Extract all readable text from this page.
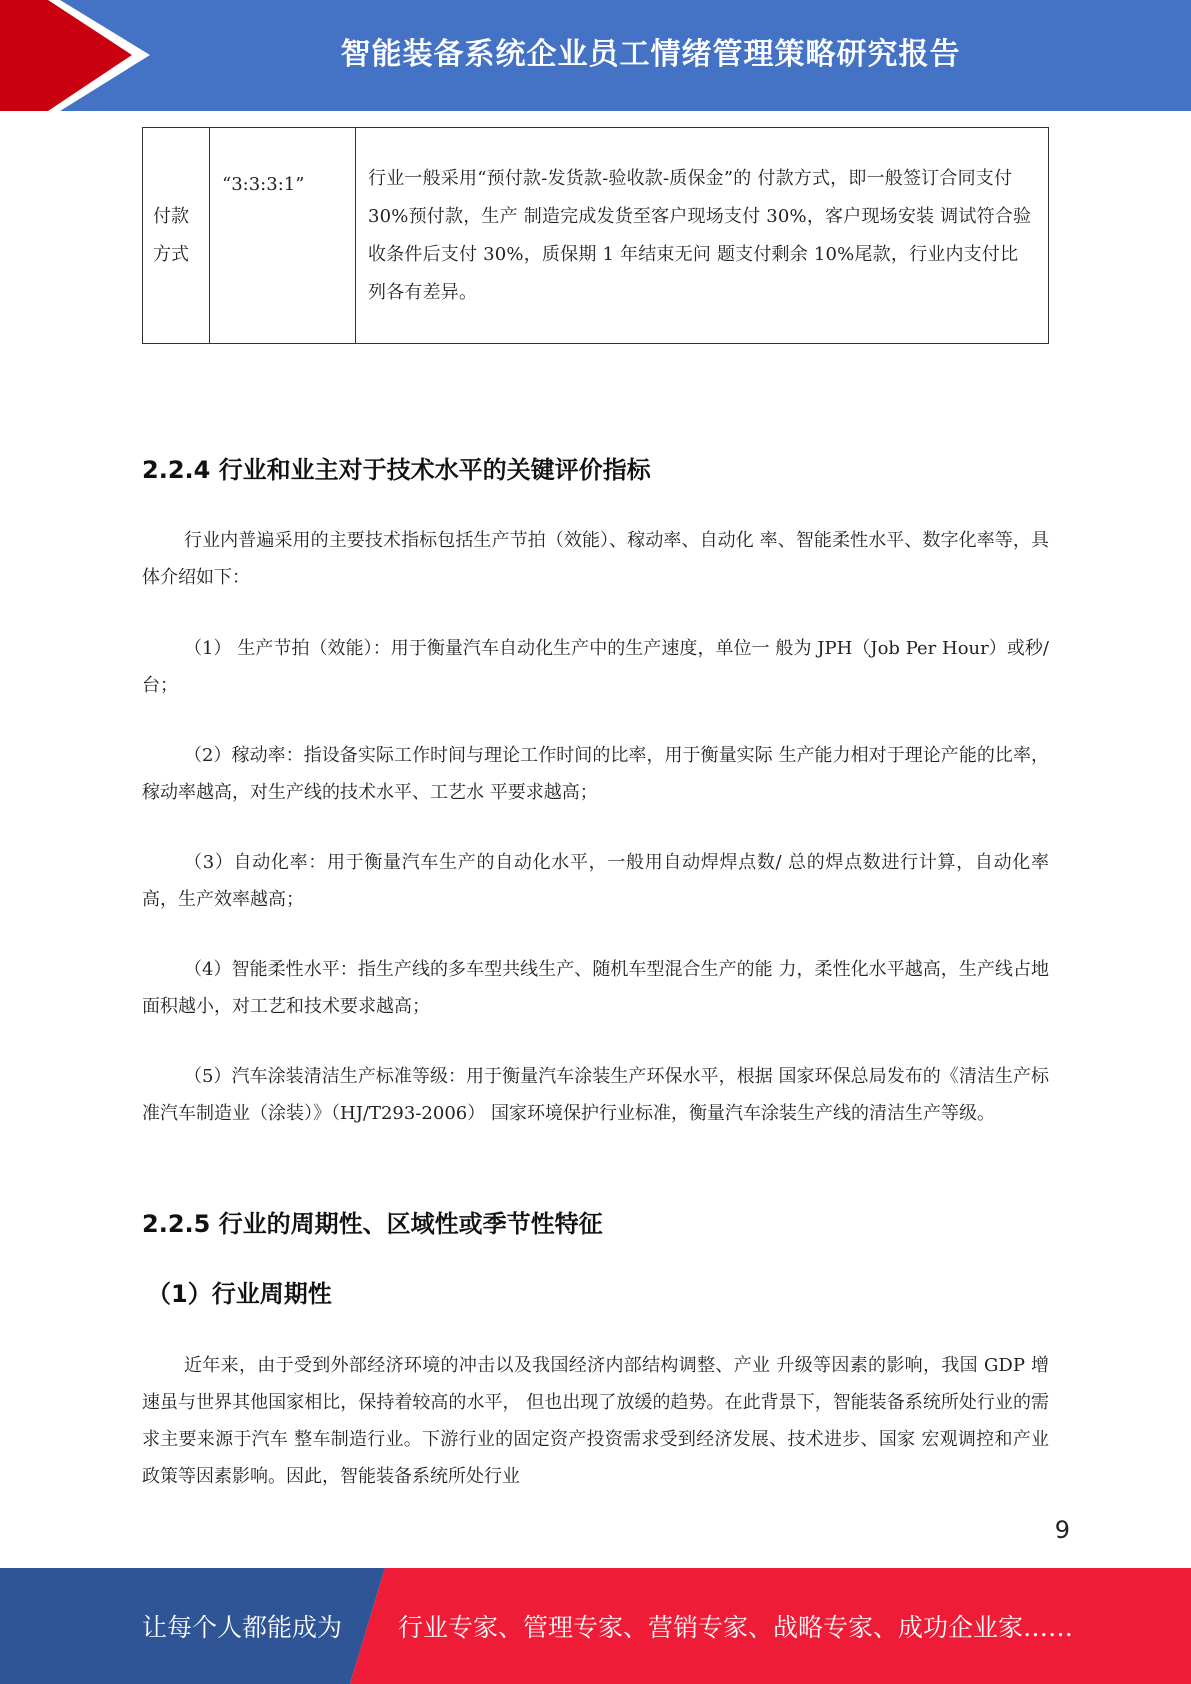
智能装备系统企业员工情绪管理策略研究报告
付款方式	“3:3:3:1”	行业一般采用“预付款-发货款-验收款-质保金”的 付款方式，即一般签订合同支付 30%预付款，生产 制造完成发货至客户现场支付 30%，客户现场安装 调试符合验收条件后支付 30%，质保期 1 年结束无问 题支付剩余 10%尾款，行业内支付比列各有差异。
2.2.4 行业和业主对于技术水平的关键评价指标

行业内普遍采用的主要技术指标包括生产节拍（效能）、稼动率、自动化 率、智能柔性水平、数字化率等，具体介绍如下：

（1） 生产节拍（效能）：用于衡量汽车自动化生产中的生产速度，单位一 般为 JPH（Job Per Hour）或秒/台；

（2）稼动率：指设备实际工作时间与理论工作时间的比率，用于衡量实际 生产能力相对于理论产能的比率，稼动率越高，对生产线的技术水平、工艺水 平要求越高；

（3）自动化率：用于衡量汽车生产的自动化水平，一般用自动焊焊点数/ 总的焊点数进行计算，自动化率高，生产效率越高；

（4）智能柔性水平：指生产线的多车型共线生产、随机车型混合生产的能 力，柔性化水平越高，生产线占地面积越小，对工艺和技术要求越高；

（5）汽车涂装清洁生产标准等级：用于衡量汽车涂装生产环保水平，根据 国家环保总局发布的《清洁生产标准汽车制造业（涂装）》（HJ/T293-2006） 国家环境保护行业标准，衡量汽车涂装生产线的清洁生产等级。

2.2.5 行业的周期性、区域性或季节性特征
（1）行业周期性

近年来，由于受到外部经济环境的冲击以及我国经济内部结构调整、产业 升级等因素的影响，我国 GDP 增速虽与世界其他国家相比，保持着较高的水平， 但也出现了放缓的趋势。在此背景下，智能装备系统所处行业的需求主要来源于汽车 整车制造行业。下游行业的固定资产投资需求受到经济发展、技术进步、国家 宏观调控和产业政策等因素影响。因此，智能装备系统所处行业

9
让每个人都能成为 行业专家、管理专家、营销专家、战略专家、成功企业家……
